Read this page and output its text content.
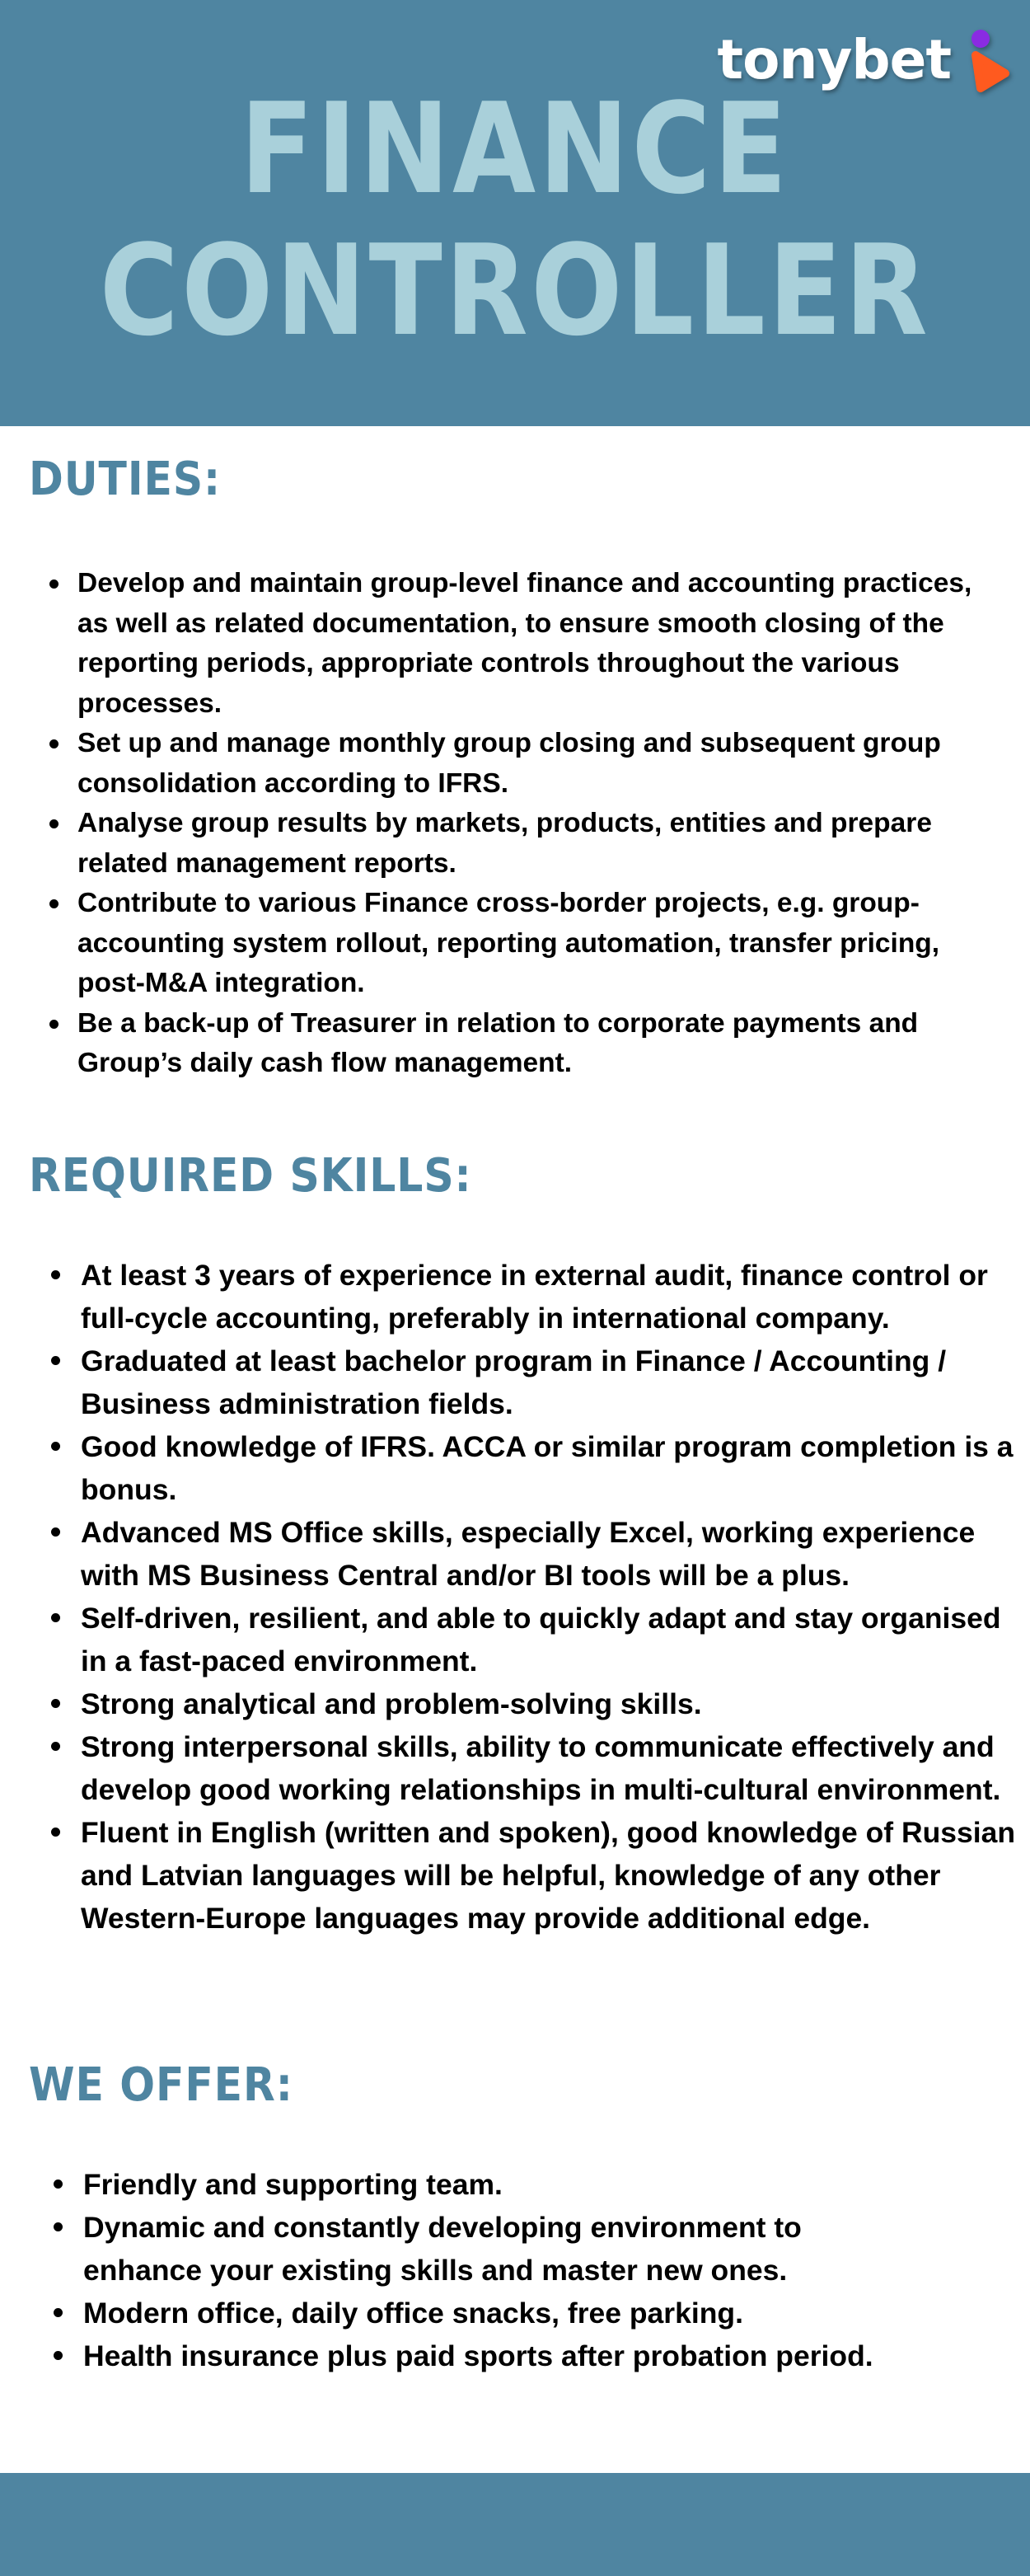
tonybet
FINANCE
CONTROLLER
DUTIES:
Develop and maintain group-level finance and accounting practices, as well as related documentation, to ensure smooth closing of the reporting periods, appropriate controls throughout the various processes.
Set up and manage monthly group closing and subsequent group consolidation according to IFRS.
Analyse group results by markets, products, entities and prepare related management reports.
Contribute to various Finance cross-border projects, e.g. group-accounting system rollout, reporting automation, transfer pricing, post-M&A integration.
Be a back-up of Treasurer in relation to corporate payments and Group’s daily cash flow management.
REQUIRED SKILLS:
At least 3 years of experience in external audit, finance control or full-cycle accounting, preferably in international company.
Graduated at least bachelor program in Finance / Accounting / Business administration fields.
Good knowledge of IFRS. ACCA or similar program completion is a bonus.
Advanced MS Office skills, especially Excel, working experience with MS Business Central and/or BI tools will be a plus.
Self-driven, resilient, and able to quickly adapt and stay organised in a fast-paced environment.
Strong analytical and problem-solving skills.
Strong interpersonal skills, ability to communicate effectively and develop good working relationships in multi-cultural environment.
Fluent in English (written and spoken), good knowledge of Russian and Latvian languages will be helpful, knowledge of any other Western-Europe languages may provide additional edge.
WE OFFER:
Friendly and supporting team.
Dynamic and constantly developing environment to enhance your existing skills and master new ones.
Modern office, daily office snacks, free parking.
Health insurance plus paid sports after probation period.
